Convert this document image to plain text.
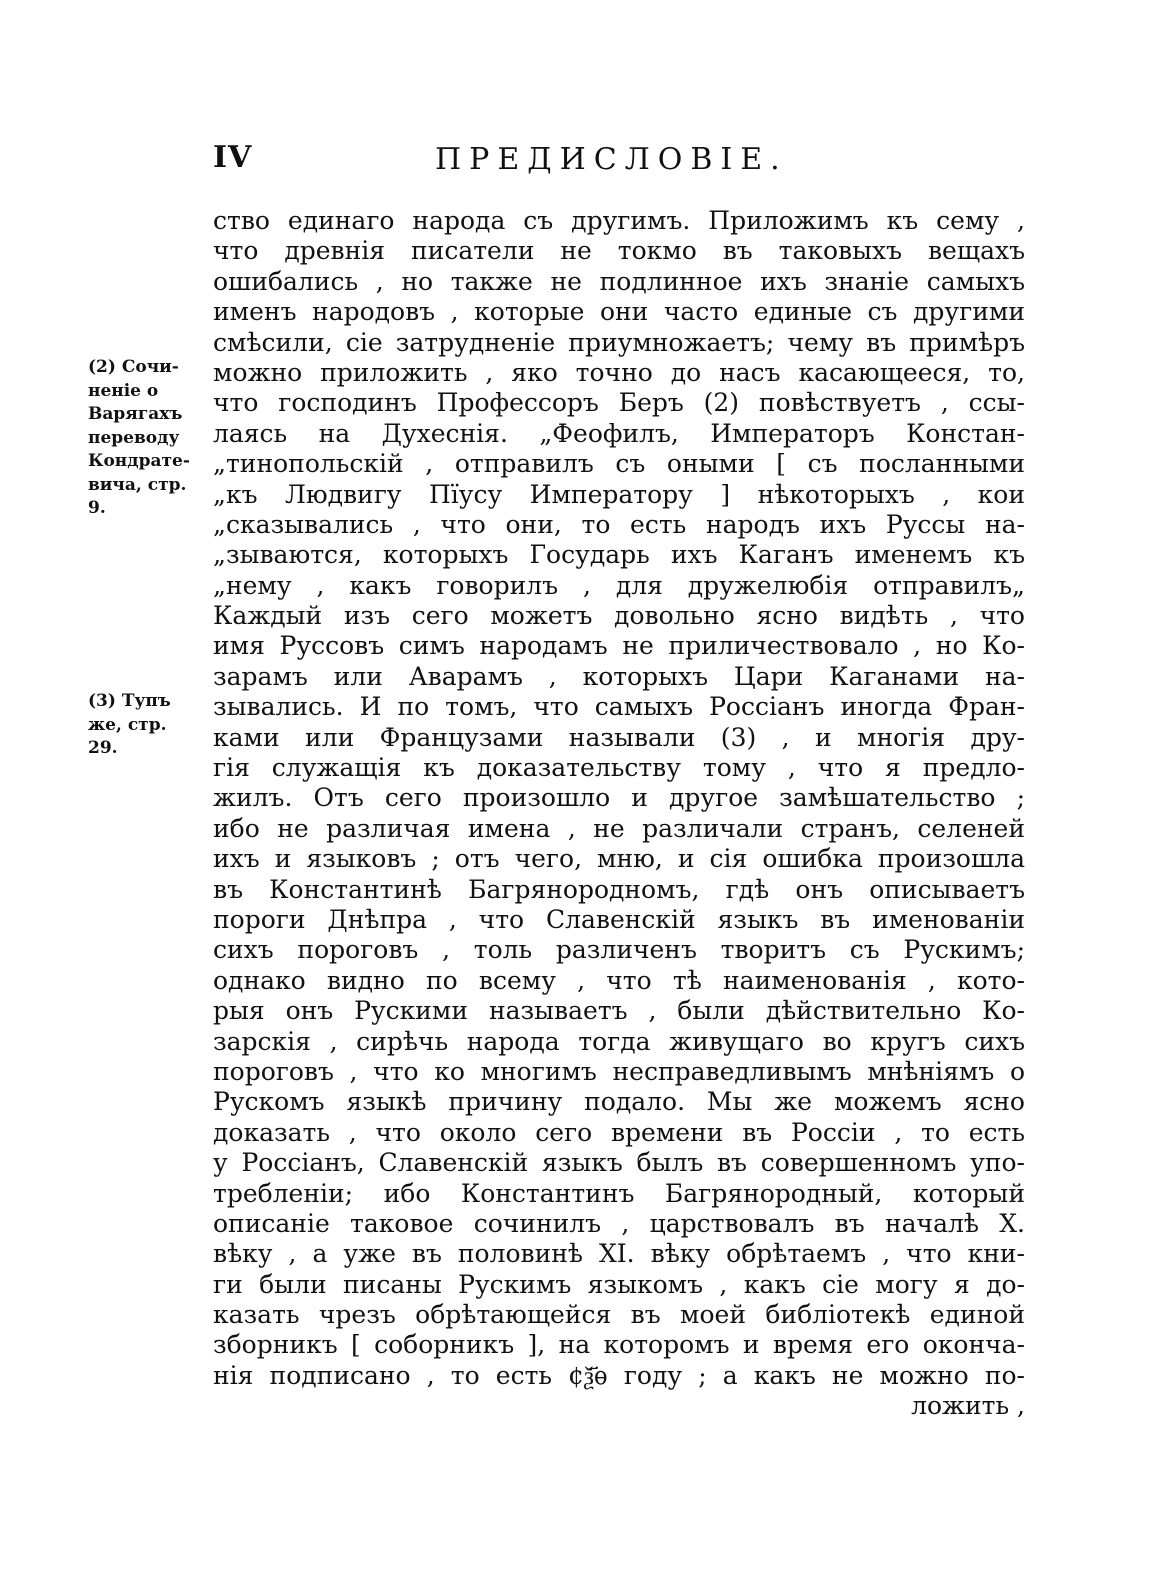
IV	ПРЕДИСЛОВІЕ.
(2) Сочи-
неніе о
Варягахъ
переводу
Кондрате-
вича, стр.
9.
(3) Тупъ
же, стр.
29.
ство единаго народа съ другимъ. Приложимъ къ сему ,
что древнія писатели не токмо въ таковыхъ вещахъ
ошибались , но также не подлинное ихъ знаніе самыхъ
именъ народовъ , которые они часто единые съ другими
смѣсили, сіе затрудненіе приумножаетъ; чему въ примѣръ
можно приложить , яко точно до насъ касающееся, то,
что господинъ Профессоръ Беръ (2) повѣствуетъ , ссы-
лаясь на Духеснія. „Феофилъ, Императоръ Констан-
„тинопольскій , отправилъ съ оными [ съ посланными
„къ Людвигу Пїусу Императору ] нѣкоторыхъ , кои
„сказывались , что они, то есть народъ ихъ Руссы на-
„зываются, которыхъ Государь ихъ Каганъ именемъ къ
„нему , какъ говорилъ , для дружелюбія отправилъ„
Каждый изъ сего можетъ довольно ясно видѣть , что
имя Руссовъ симъ народамъ не приличествовало , но Ко-
зарамъ или Аварамъ , которыхъ Цари Каганами на-
зывались. И по томъ, что самыхъ Россіанъ иногда Фран-
ками или Французами называли (3) , и многія дру-
гія служащія къ доказательству тому , что я предло-
жилъ. Отъ сего произошло и другое замѣшательство ;
ибо не различая имена , не различали странъ, селеней
ихъ и языковъ ; отъ чего, мню, и сія ошибка произошла
въ Константинѣ Багрянородномъ, гдѣ онъ описываетъ
пороги Днѣпра , что Славенскій языкъ въ именованіи
сихъ пороговъ , толь различенъ творитъ съ Рускимъ;
однако видно по всему , что тѣ наименованія , кото-
рыя онъ Рускими называетъ , были дѣйствительно Ко-
зарскія , сирѣчь народа тогда живущаго во кругъ сихъ
пороговъ , что ко многимъ несправедливымъ мнѣніямъ о
Рускомъ языкѣ причину подало. Мы же можемъ ясно
доказать , что около сего времени въ Россіи , то есть
у Россіанъ, Славенскій языкъ былъ въ совершенномъ упо-
требленіи; ибо Константинъ Багрянородный, который
описаніе таковое сочинилъ , царствовалъ въ началѣ X.
вѣку , а уже въ половинѣ XI. вѣку обрѣтаемъ , что кни-
ги были писаны Рускимъ языкомъ , какъ сіе могу я до-
казать чрезъ обрѣтающейся въ моей библіотекѣ единой
зборникъ [ соборникъ ], на которомъ и время его оконча-
нія подписано , то есть ¢ѯ҃ѳ году ; а какъ не можно по-
ложить ,
